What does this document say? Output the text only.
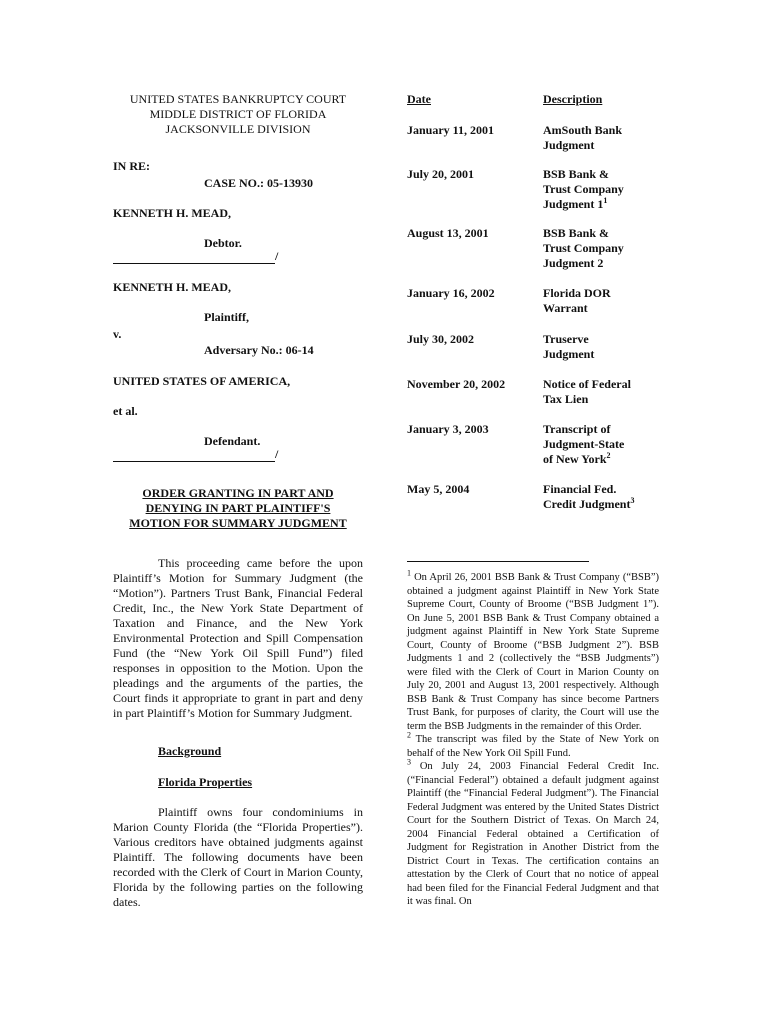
UNITED STATES BANKRUPTCY COURT
MIDDLE DISTRICT OF FLORIDA
JACKSONVILLE DIVISION
IN RE:
CASE NO.: 05-13930
KENNETH H. MEAD,
Debtor.
/
KENNETH H. MEAD,
Plaintiff,
v.
Adversary No.: 06-14
UNITED STATES OF AMERICA,
et al.
Defendant.
/
ORDER GRANTING IN PART AND
DENYING IN PART PLAINTIFF'S
MOTION FOR SUMMARY JUDGMENT

This proceeding came before the upon Plaintiff’s Motion for Summary Judgment (the “Motion”). Partners Trust Bank, Financial Federal Credit, Inc., the New York State Department of Taxation and Finance, and the New York Environmental Protection and Spill Compensation Fund (the “New York Oil Spill Fund”) filed responses in opposition to the Motion. Upon the pleadings and the arguments of the parties, the Court finds it appropriate to grant in part and deny in part Plaintiff’s Motion for Summary Judgment.

Background
Florida Properties

Plaintiff owns four condominiums in Marion County Florida (the “Florida Properties”). Various creditors have obtained judgments against Plaintiff. The following documents have been recorded with the Clerk of Court in Marion County, Florida by the following parties on the following dates.

Date	Description
January 11, 2001	AmSouth Bank
Judgment
July 20, 2001	BSB Bank &
Trust Company
Judgment $1^1$
August 13, 2001	BSB Bank &
Trust Company
Judgment 2
January 16, 2002	Florida DOR
Warrant
July 30, 2002	Truserve
Judgment
November 20, 2002	Notice of Federal
Tax Lien
January 3, 2003	Transcript of
Judgment-State
of New York$^2$
May 5, 2004	Financial Fed.
Credit Judgment$^3$
$^1$ On April 26, 2001 BSB Bank & Trust Company (“BSB”) obtained a judgment against Plaintiff in New York State Supreme Court, County of Broome (“BSB Judgment 1”). On June 5, 2001 BSB Bank & Trust Company obtained a judgment against Plaintiff in New York State Supreme Court, County of Broome (“BSB Judgment 2”). BSB Judgments 1 and 2 (collectively the “BSB Judgments”) were filed with the Clerk of Court in Marion County on July 20, 2001 and August 13, 2001 respectively. Although BSB Bank & Trust Company has since become Partners Trust Bank, for purposes of clarity, the Court will use the term the BSB Judgments in the remainder of this Order.
$^2$ The transcript was filed by the State of New York on behalf of the New York Oil Spill Fund.
$^3$ On July 24, 2003 Financial Federal Credit Inc. (“Financial Federal”) obtained a default judgment against Plaintiff (the “Financial Federal Judgment”). The Financial Federal Judgment was entered by the United States District Court for the Southern District of Texas. On March 24, 2004 Financial Federal obtained a Certification of Judgment for Registration in Another District from the District Court in Texas. The certification contains an attestation by the Clerk of Court that no notice of appeal had been filed for the Financial Federal Judgment and that it was final. On
